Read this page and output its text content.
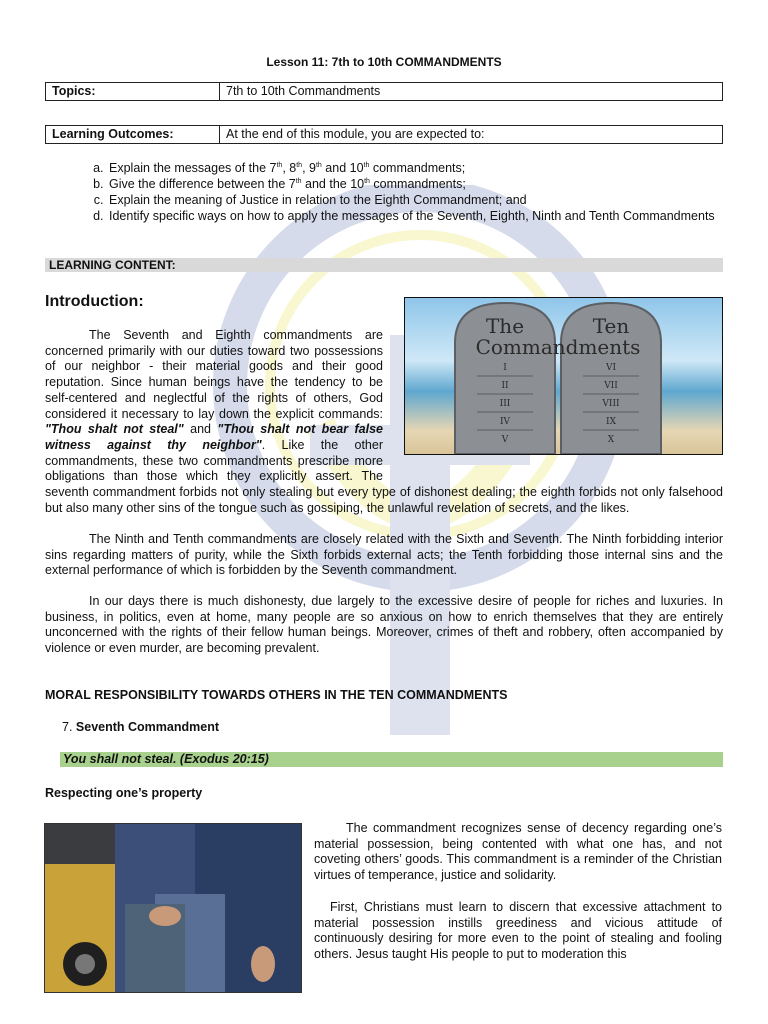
Lesson 11: 7th to 10th COMMANDMENTS
Topics:	7th to 10th Commandments
Learning Outcomes:	At the end of this module, you are expected to:
a. Explain the messages of the 7th, 8th, 9th and 10th commandments;
b. Give the difference between the 7th and the 10th commandments;
c. Explain the meaning of Justice in relation to the Eighth Commandment; and
d. Identify specific ways on how to apply the messages of the Seventh, Eighth, Ninth and Tenth Commandments
LEARNING CONTENT:
Introduction:
The	Ten
Commandments
I
II
III
IV
V
VI
VII
VIII
IX
X
The Seventh and Eighth commandments are concerned primarily with our duties toward two possessions of our neighbor - their material goods and their good reputation. Since human beings have the tendency to be self-centered and neglectful of the rights of others, God considered it necessary to lay down the explicit commands: "Thou shalt not steal" and "Thou shalt not bear false witness against thy neighbor". Like the other commandments, these two commandments prescribe more obligations than those which they explicitly assert. The seventh commandment forbids not only stealing but every type of dishonest dealing; the eighth forbids not only falsehood but also many other sins of the tongue such as gossiping, the unlawful revelation of secrets, and the likes.

The Ninth and Tenth commandments are closely related with the Sixth and Seventh. The Ninth forbidding interior sins regarding matters of purity, while the Sixth forbids external acts; the Tenth forbidding those internal sins and the external performance of which is forbidden by the Seventh commandment.

In our days there is much dishonesty, due largely to the excessive desire of people for riches and luxuries. In business, in politics, even at home, many people are so anxious on how to enrich themselves that they are entirely unconcerned with the rights of their fellow human beings. Moreover, crimes of theft and robbery, often accompanied by violence or even murder, are becoming prevalent.

MORAL RESPONSIBILITY TOWARDS OTHERS IN THE TEN COMMANDMENTS
7. Seventh Commandment
You shall not steal. (Exodus 20:15)
Respecting one’s property

The commandment recognizes sense of decency regarding one’s material possession, being contented with what one has, and not coveting others’ goods. This commandment is a reminder of the Christian virtues of temperance, justice and solidarity.

First, Christians must learn to discern that excessive attachment to material possession instills greediness and vicious attitude of continuously desiring for more even to the point of stealing and fooling others. Jesus taught His people to put to moderation this
